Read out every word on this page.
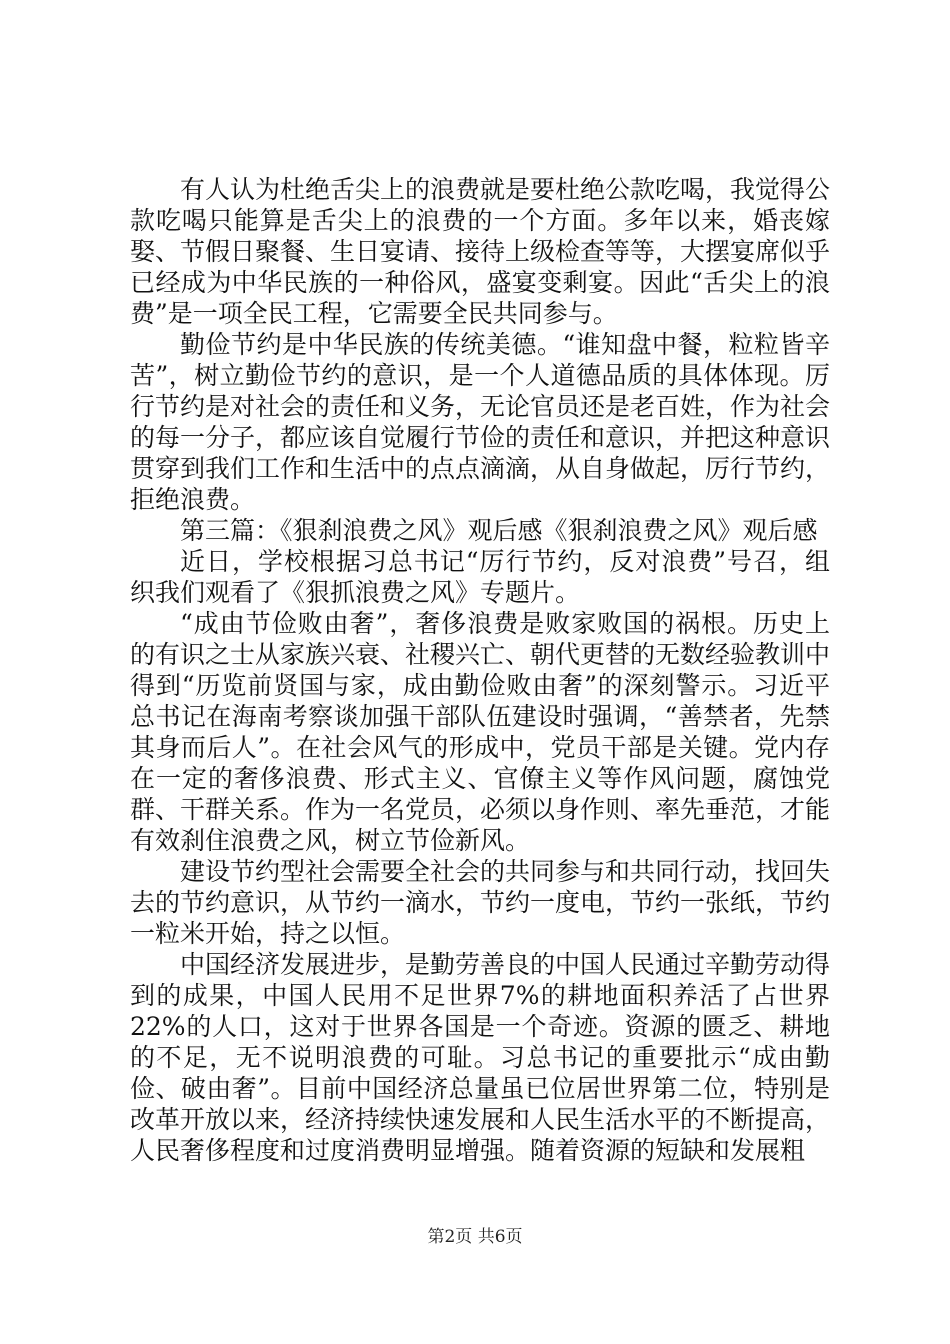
有人认为杜绝舌尖上的浪费就是要杜绝公款吃喝，我觉得公款吃喝只能算是舌尖上的浪费的一个方面。多年以来，婚丧嫁娶、节假日聚餐、生日宴请、接待上级检查等等，大摆宴席似乎已经成为中华民族的一种俗风，盛宴变剩宴。因此“舌尖上的浪费”是一项全民工程，它需要全民共同参与。

勤俭节约是中华民族的传统美德。“谁知盘中餐，粒粒皆辛苦”，树立勤俭节约的意识，是一个人道德品质的具体体现。厉行节约是对社会的责任和义务，无论官员还是老百姓，作为社会的每一分子，都应该自觉履行节俭的责任和意识，并把这种意识贯穿到我们工作和生活中的点点滴滴，从自身做起，厉行节约，拒绝浪费。

第三篇：《狠刹浪费之风》观后感《狠刹浪费之风》观后感

近日，学校根据习总书记“厉行节约，反对浪费”号召，组织我们观看了《狠抓浪费之风》专题片。

“成由节俭败由奢”，奢侈浪费是败家败国的祸根。历史上的有识之士从家族兴衰、社稷兴亡、朝代更替的无数经验教训中得到“历览前贤国与家，成由勤俭败由奢”的深刻警示。习近平总书记在海南考察谈加强干部队伍建设时强调，“善禁者，先禁其身而后人”。在社会风气的形成中，党员干部是关键。党内存在一定的奢侈浪费、形式主义、官僚主义等作风问题，腐蚀党群、干群关系。作为一名党员，必须以身作则、率先垂范，才能有效刹住浪费之风，树立节俭新风。

建设节约型社会需要全社会的共同参与和共同行动，找回失去的节约意识，从节约一滴水，节约一度电，节约一张纸，节约一粒米开始，持之以恒。

中国经济发展进步，是勤劳善良的中国人民通过辛勤劳动得到的成果，中国人民用不足世界7%的耕地面积养活了占世界22%的人口，这对于世界各国是一个奇迹。资源的匮乏、耕地的不足，无不说明浪费的可耻。习总书记的重要批示“成由勤俭、破由奢”。目前中国经济总量虽已位居世界第二位，特别是改革开放以来，经济持续快速发展和人民生活水平的不断提高，人民奢侈程度和过度消费明显增强。随着资源的短缺和发展粗

第2页 共6页
